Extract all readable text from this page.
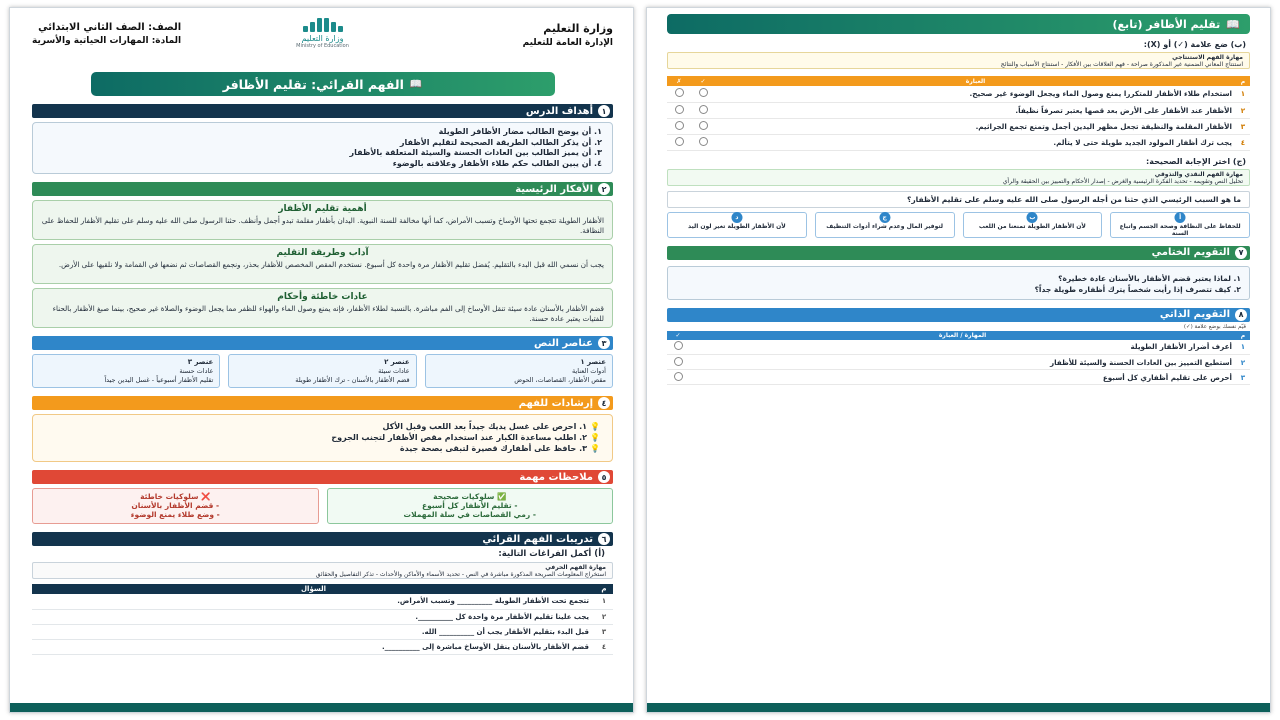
وزارة التعليم
الإدارة العامة للتعليم
وزارة التعليم
Ministry of Education
الصف: الصف الثاني الابتدائي
المادة: المهارات الحياتية والأسرية
📖
الفهم القرائي: تقليم الأظافر
١
أهداف الدرس
١. أن يوضح الطالب مضار الأظافر الطويلة
٢. أن يذكر الطالب الطريقة الصحيحة لتقليم الأظفار
٣. أن يميز الطالب بين العادات الحسنة والسيئة المتعلقة بالأظفار
٤. أن يبين الطالب حكم طلاء الأظفار وعلاقته بالوضوء
٢
الأفكار الرئيسية
أهمية تقليم الأظفار
الأظفار الطويلة تتجمع تحتها الأوساخ وتسبب الأمراض، كما أنها مخالفة للسنة النبوية. اليدان بأظفار مقلمة تبدو أجمل وأنظف. حثنا الرسول صلى الله عليه وسلم على تقليم الأظفار للحفاظ على النظافة.
آداب وطريقة التقليم
يجب أن نسمي الله قبل البدء بالتقليم. يُفضل تقليم الأظفار مرة واحدة كل أسبوع. نستخدم المقص المخصص للأظفار بحذر، ونجمع القصاصات ثم نضعها في القمامة ولا نلقيها على الأرض.
عادات خاطئة وأحكام
قضم الأظفار بالأسنان عادة سيئة تنقل الأوساخ إلى الفم مباشرة. بالنسبة لطلاء الأظفار، فإنه يمنع وصول الماء والهواء للظفر مما يجعل الوضوء والصلاة غير صحيح، بينما صبغ الأظفار بالحناء للفتيات يعتبر عادة حسنة.
٣
عناصر النص
عنصر ١
أدوات العناية
مقص الأظفار، القصاصات، الحوض
عنصر ٢
عادات سيئة
قضم الأظفار بالأسنان - ترك الأظفار طويلة
عنصر ٣
عادات حسنة
تقليم الأظفار أسبوعياً - غسل اليدين جيداً
٤
إرشادات للفهم
💡١. احرص على غسل يديك جيداً بعد اللعب وقبل الأكل
💡٢. اطلب مساعدة الكبار عند استخدام مقص الأظفار لتجنب الجروح
💡٣. حافظ على أظفارك قصيرة لتبقى بصحة جيدة
٥
ملاحظات مهمة
✅ سلوكيات صحيحة
- تقليم الأظفار كل أسبوع
- رمي القصاصات في سلة المهملات
❌ سلوكيات خاطئة
- قضم الأظفار بالأسنان
- وضع طلاء يمنع الوضوء
٦
تدريبات الفهم القرائي
(أ) أكمل الفراغات التالية:
مهارة الفهم الحرفي
استخراج المعلومات الصريحة المذكورة مباشرة في النص - تحديد الأسماء والأماكن والأحداث - تذكر التفاصيل والحقائق
م	السؤال
١	تتجمع تحت الأظفار الطويلة __________ وتسبب الأمراض.
٢	يجب علينا تقليم الأظفار مرة واحدة كل __________.
٣	قبل البدء بتقليم الأظفار يجب أن __________ الله.
٤	قضم الأظفار بالأسنان ينقل الأوساخ مباشرة إلى __________.
📖
تقليم الأظافر (تابع)
(ب) ضع علامة (✓) أو (X):
مهارة الفهم الاستنتاجي
استنتاج المعاني الضمنية غير المذكورة صراحة - فهم العلاقات بين الأفكار - استنتاج الأسباب والنتائج
م	العبارة	✓	✗
١	استخدام طلاء الأظفار للمتكررا يمنع وصول الماء ويجعل الوضوء غير صحيح.		
٢	الأظفار عند الأظفار على الأرض بعد قصها يعتبر تصرفاً نظيفاً.		
٣	الأظفار المقلمة والنظيفة تجعل مظهر اليدين أجمل وتمنع تجمع الجراثيم.		
٤	يجب ترك أظفار المولود الجديد طويلة حتى لا يتألم.		
(ج) اختر الإجابة الصحيحة:
مهارة الفهم النقدي والتذوقي
تحليل النص وتقويمه - تحديد الفكرة الرئيسية والغرض - إصدار الأحكام والتمييز بين الحقيقة والرأي
ما هو السبب الرئيسي الذي حثنا من أجله الرسول صلى الله عليه وسلم على تقليم الأظفار؟
أ
للحفاظ على النظافة وصحة الجسم واتباع السنة
ب
لأن الأظفار الطويلة تمنعنا من اللعب
ج
لتوفير المال وعدم شراء أدوات التنظيف
د
لأن الأظفار الطويلة تغير لون اليد
٧
التقويم الختامي
١. لماذا يعتبر قضم الأظفار بالأسنان عادة خطيرة؟
٢. كيف تتصرف إذا رأيت شخصاً يترك أظفاره طويلة جداً؟
٨
التقويم الذاتي
قيّم نفسك بوضع علامة (✓)
م	المهارة / العبارة	✓
١	أعرف أضرار الأظفار الطويلة	
٢	أستطيع التمييز بين العادات الحسنة والسيئة للأظفار	
٣	أحرص على تقليم أظفاري كل أسبوع	
